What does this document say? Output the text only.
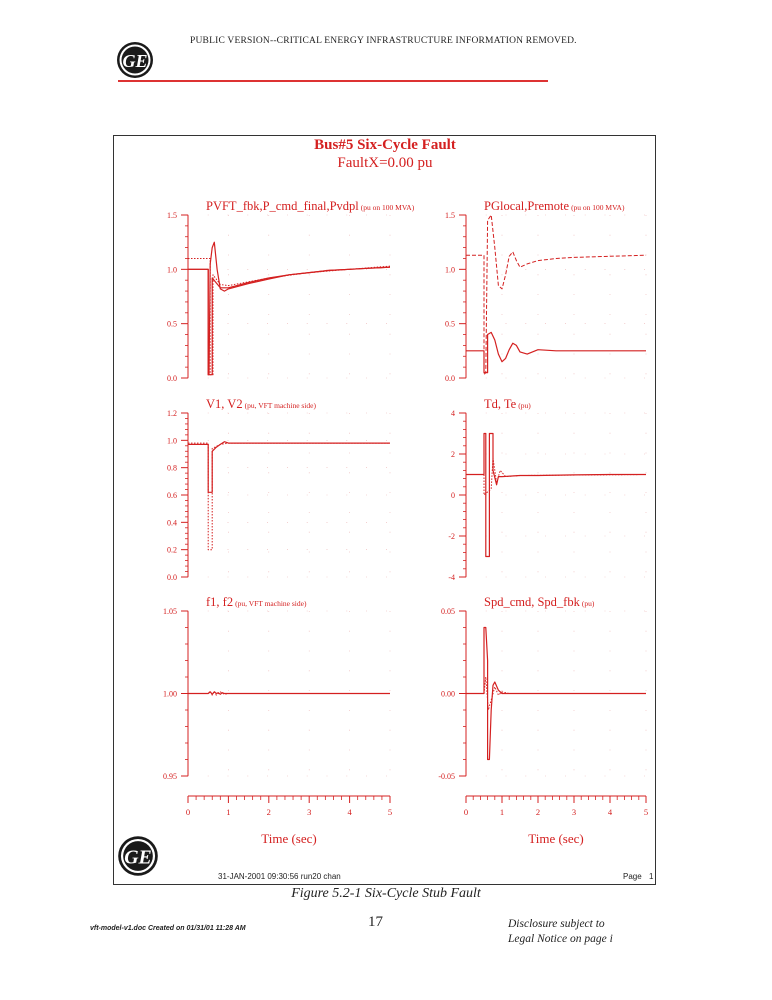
GE
PUBLIC VERSION--CRITICAL ENERGY INFRASTRUCTURE INFORMATION REMOVED.
Bus#5 Six-Cycle Fault
FaultX=0.00 pu
PVFT_fbk,P_cmd_final,Pvdpl (pu on 100 MVA)
0.0
0.5
1.0
1.5
PGlocal,Premote (pu on 100 MVA)
0.0
0.5
1.0
1.5
V1, V2 (pu, VFT machine side)
0.0
0.2
0.4
0.6
0.8
1.0
1.2
Td, Te (pu)
-4
-2
0
2
4
f1, f2 (pu, VFT machine side)
0.95
1.00
1.05
0	1	2	3	4	5
Time (sec)
Spd_cmd, Spd_fbk (pu)
-0.05
0.00
0.05
0	1	2	3	4	5
Time (sec)
31-JAN-2001 09:30:56 run20 chan	Page 1
GE
Figure 5.2-1 Six-Cycle Stub Fault
vft-model-v1.doc Created on 01/31/01 11:28 AM	17	Disclosure subject to
Legal Notice on page i
